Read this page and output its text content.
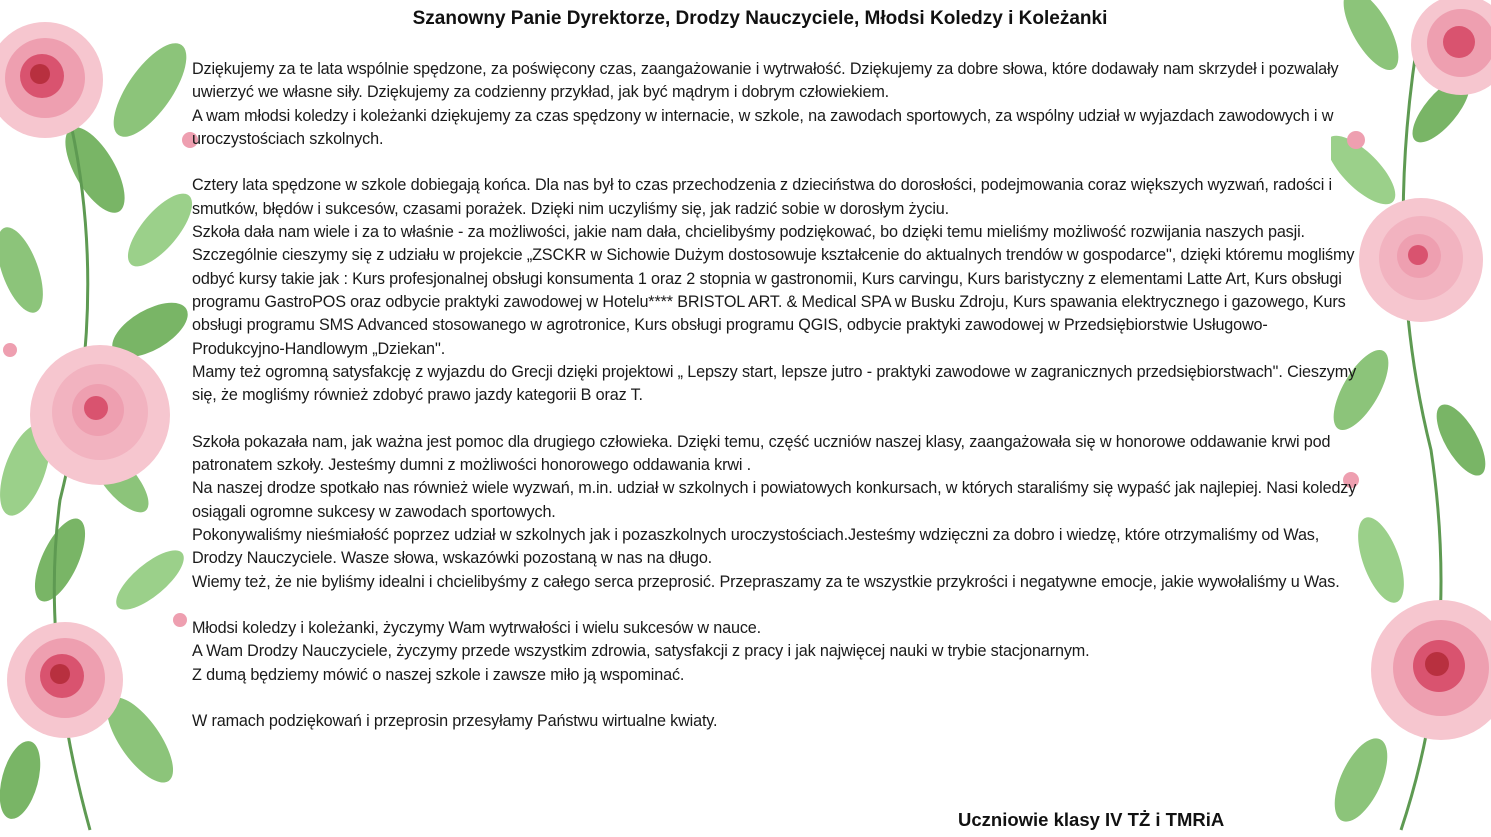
Szanowny Panie Dyrektorze, Drodzy Nauczyciele, Młodsi Koledzy i Koleżanki

Dziękujemy za te lata wspólnie spędzone, za poświęcony czas, zaangażowanie i wytrwałość. Dziękujemy za dobre słowa, które dodawały nam skrzydeł i pozwalały uwierzyć we własne siły. Dziękujemy za codzienny przykład, jak być mądrym i dobrym człowiekiem.

A wam młodsi koledzy i koleżanki dziękujemy za czas spędzony w internacie, w szkole, na zawodach sportowych, za wspólny udział w wyjazdach zawodowych i w uroczystościach szkolnych.

Cztery lata spędzone w szkole dobiegają końca. Dla nas był to czas przechodzenia z dzieciństwa do dorosłości, podejmowania coraz większych wyzwań, radości i smutków, błędów i sukcesów, czasami porażek. Dzięki nim uczyliśmy się, jak radzić sobie w dorosłym życiu.

Szkoła dała nam wiele i za to właśnie - za możliwości, jakie nam dała, chcielibyśmy podziękować, bo dzięki temu mieliśmy możliwość rozwijania naszych pasji. Szczególnie cieszymy się z udziału w projekcie „ZSCKR w Sichowie Dużym dostosowuje kształcenie do aktualnych trendów w gospodarce'', dzięki któremu mogliśmy odbyć kursy takie jak : Kurs profesjonalnej obsługi konsumenta 1 oraz 2 stopnia w gastronomii, Kurs carvingu, Kurs baristyczny z elementami Latte Art, Kurs obsługi programu GastroPOS oraz odbycie praktyki zawodowej w Hotelu**** BRISTOL ART. & Medical SPA w Busku Zdroju, Kurs spawania elektrycznego i gazowego, Kurs obsługi programu SMS Advanced stosowanego w agrotronice, Kurs obsługi programu QGIS, odbycie praktyki zawodowej w Przedsiębiorstwie Usługowo-Produkcyjno-Handlowym „Dziekan''.

Mamy też ogromną satysfakcję z wyjazdu do Grecji dzięki projektowi „ Lepszy start, lepsze jutro - praktyki zawodowe w zagranicznych przedsiębiorstwach''. Cieszymy się, że mogliśmy również zdobyć prawo jazdy kategorii B oraz T.

Szkoła pokazała nam, jak ważna jest pomoc dla drugiego człowieka. Dzięki temu, część uczniów naszej klasy, zaangażowała się w honorowe oddawanie krwi pod patronatem szkoły. Jesteśmy dumni z możliwości honorowego oddawania krwi .

Na naszej drodze spotkało nas również wiele wyzwań, m.in. udział w szkolnych i powiatowych konkursach, w których staraliśmy się wypaść jak najlepiej. Nasi koledzy osiągali ogromne sukcesy w zawodach sportowych.

Pokonywaliśmy nieśmiałość poprzez udział w szkolnych jak i pozaszkolnych uroczystościach.Jesteśmy wdzięczni za dobro i wiedzę, które otrzymaliśmy od Was, Drodzy Nauczyciele. Wasze słowa, wskazówki pozostaną w nas na długo.

Wiemy też, że nie byliśmy idealni i chcielibyśmy z całego serca przeprosić. Przepraszamy za te wszystkie przykrości i negatywne emocje, jakie wywołaliśmy u Was.

Młodsi koledzy i koleżanki, życzymy Wam wytrwałości i wielu sukcesów w nauce.

A Wam Drodzy Nauczyciele, życzymy przede wszystkim zdrowia, satysfakcji z pracy i jak najwięcej nauki w trybie stacjonarnym.

Z dumą będziemy mówić o naszej szkole i zawsze miło ją wspominać.

W ramach podziękowań i przeprosin przesyłamy Państwu wirtualne kwiaty.

Uczniowie klasy IV TŻ i TMRiA
